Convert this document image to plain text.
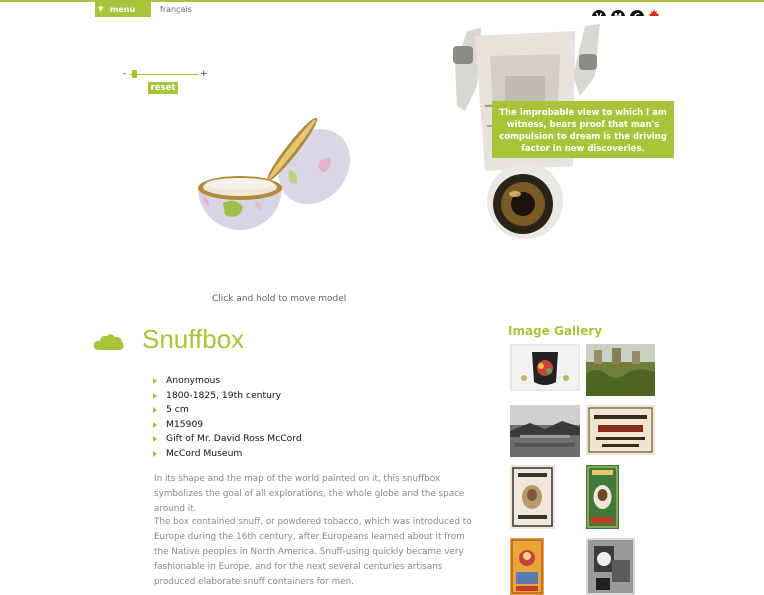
▼ menu	français
-	+
reset
Click and hold to move model
The improbable view to which I am
witness, bears proof that man's
compulsion to dream is the driving
factor in new discoveries.
Snuffbox
Anonymous
1800-1825, 19th century
5 cm
M15909
Gift of Mr. David Ross McCord
McCord Museum

In its shape and the map of the world painted on it, this snuffbox symbolizes the goal of all explorations, the whole globe and the space around it.

The box contained snuff, or powdered tobacco, which was introduced to Europe during the 16th century, after Europeans learned about it from the Native peoples in North America. Snuff-using quickly became very fashionable in Europe, and for the next several centuries artisans produced elaborate snuff containers for men.

Image Gallery
